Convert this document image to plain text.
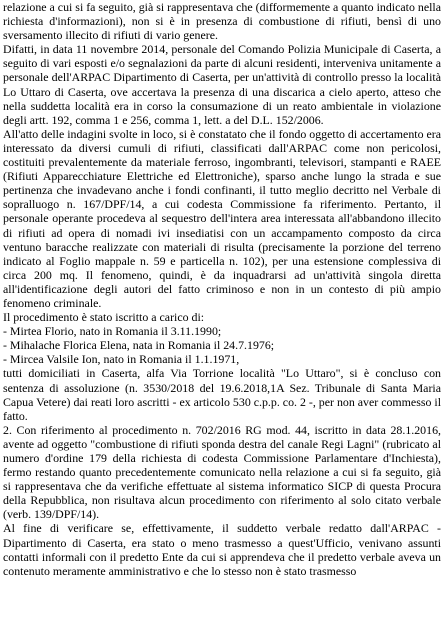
relazione a cui si fa seguito, già si rappresentava che (difformemente a quanto indicato nella richiesta d'informazioni), non si è in presenza di combustione di rifiuti, bensì di uno sversamento illecito di rifiuti di vario genere.

Difatti, in data 11 novembre 2014, personale del Comando Polizia Municipale di Caserta, a seguito di vari esposti e/o segnalazioni da parte di alcuni residenti, interveniva unitamente a personale dell'ARPAC Dipartimento di Caserta, per un'attività di controllo presso la località Lo Uttaro di Caserta, ove accertava la presenza di una discarica a cielo aperto, atteso che nella suddetta località era in corso la consumazione di un reato ambientale in violazione degli artt. 192, comma 1 e 256, comma 1, lett. a del D.L. 152/2006.

All'atto delle indagini svolte in loco, si è constatato che il fondo oggetto di accertamento era interessato da diversi cumuli di rifiuti, classificati dall'ARPAC come non pericolosi, costituiti prevalentemente da materiale ferroso, ingombranti, televisori, stampanti e RAEE (Rifiuti Apparecchiature Elettriche ed Elettroniche), sparso anche lungo la strada e sue pertinenza che invadevano anche i fondi confinanti, il tutto meglio decritto nel Verbale di sopralluogo n. 167/DPF/14, a cui codesta Commissione fa riferimento. Pertanto, il personale operante procedeva al sequestro dell'intera area interessata all'abbandono illecito di rifiuti ad opera di nomadi ivi insediatisi con un accampamento composto da circa ventuno baracche realizzate con materiali di risulta (precisamente la porzione del terreno indicato al Foglio mappale n. 59 e particella n. 102), per una estensione complessiva di circa 200 mq. Il fenomeno, quindi, è da inquadrarsi ad un'attività singola diretta all'identificazione degli autori del fatto criminoso e non in un contesto di più ampio fenomeno criminale.

Il procedimento è stato iscritto a carico di:

- Mirtea Florio, nato in Romania il 3.11.1990;

- Mihalache Florica Elena, nata in Romania il 24.7.1976;

- Mircea Valsile Ion, nato in Romania il 1.1.1971,

tutti domiciliati in Caserta, alfa Via Torrione località "Lo Uttaro", si è concluso con sentenza di assoluzione (n. 3530/2018 del 19.6.2018,1A Sez. Tribunale di Santa Maria Capua Vetere) dai reati loro ascritti - ex articolo 530 c.p.p. co. 2 -, per non aver commesso il fatto.

2. Con riferimento al procedimento n. 702/2016 RG mod. 44, iscritto in data 28.1.2016, avente ad oggetto "combustione di rifiuti sponda destra del canale Regi Lagni" (rubricato al numero d'ordine 179 della richiesta di codesta Commissione Parlamentare d'Inchiesta), fermo restando quanto precedentemente comunicato nella relazione a cui si fa seguito, già si rappresentava che da verifiche effettuate al sistema informatico SICP di questa Procura della Repubblica, non risultava alcun procedimento con riferimento al solo citato verbale (verb. 139/DPF/14).

Al fine di verificare se, effettivamente, il suddetto verbale redatto dall'ARPAC - Dipartimento di Caserta, era stato o meno trasmesso a quest'Ufficio, venivano assunti contatti informali con il predetto Ente da cui si apprendeva che il predetto verbale aveva un contenuto meramente amministrativo e che lo stesso non è stato trasmesso
